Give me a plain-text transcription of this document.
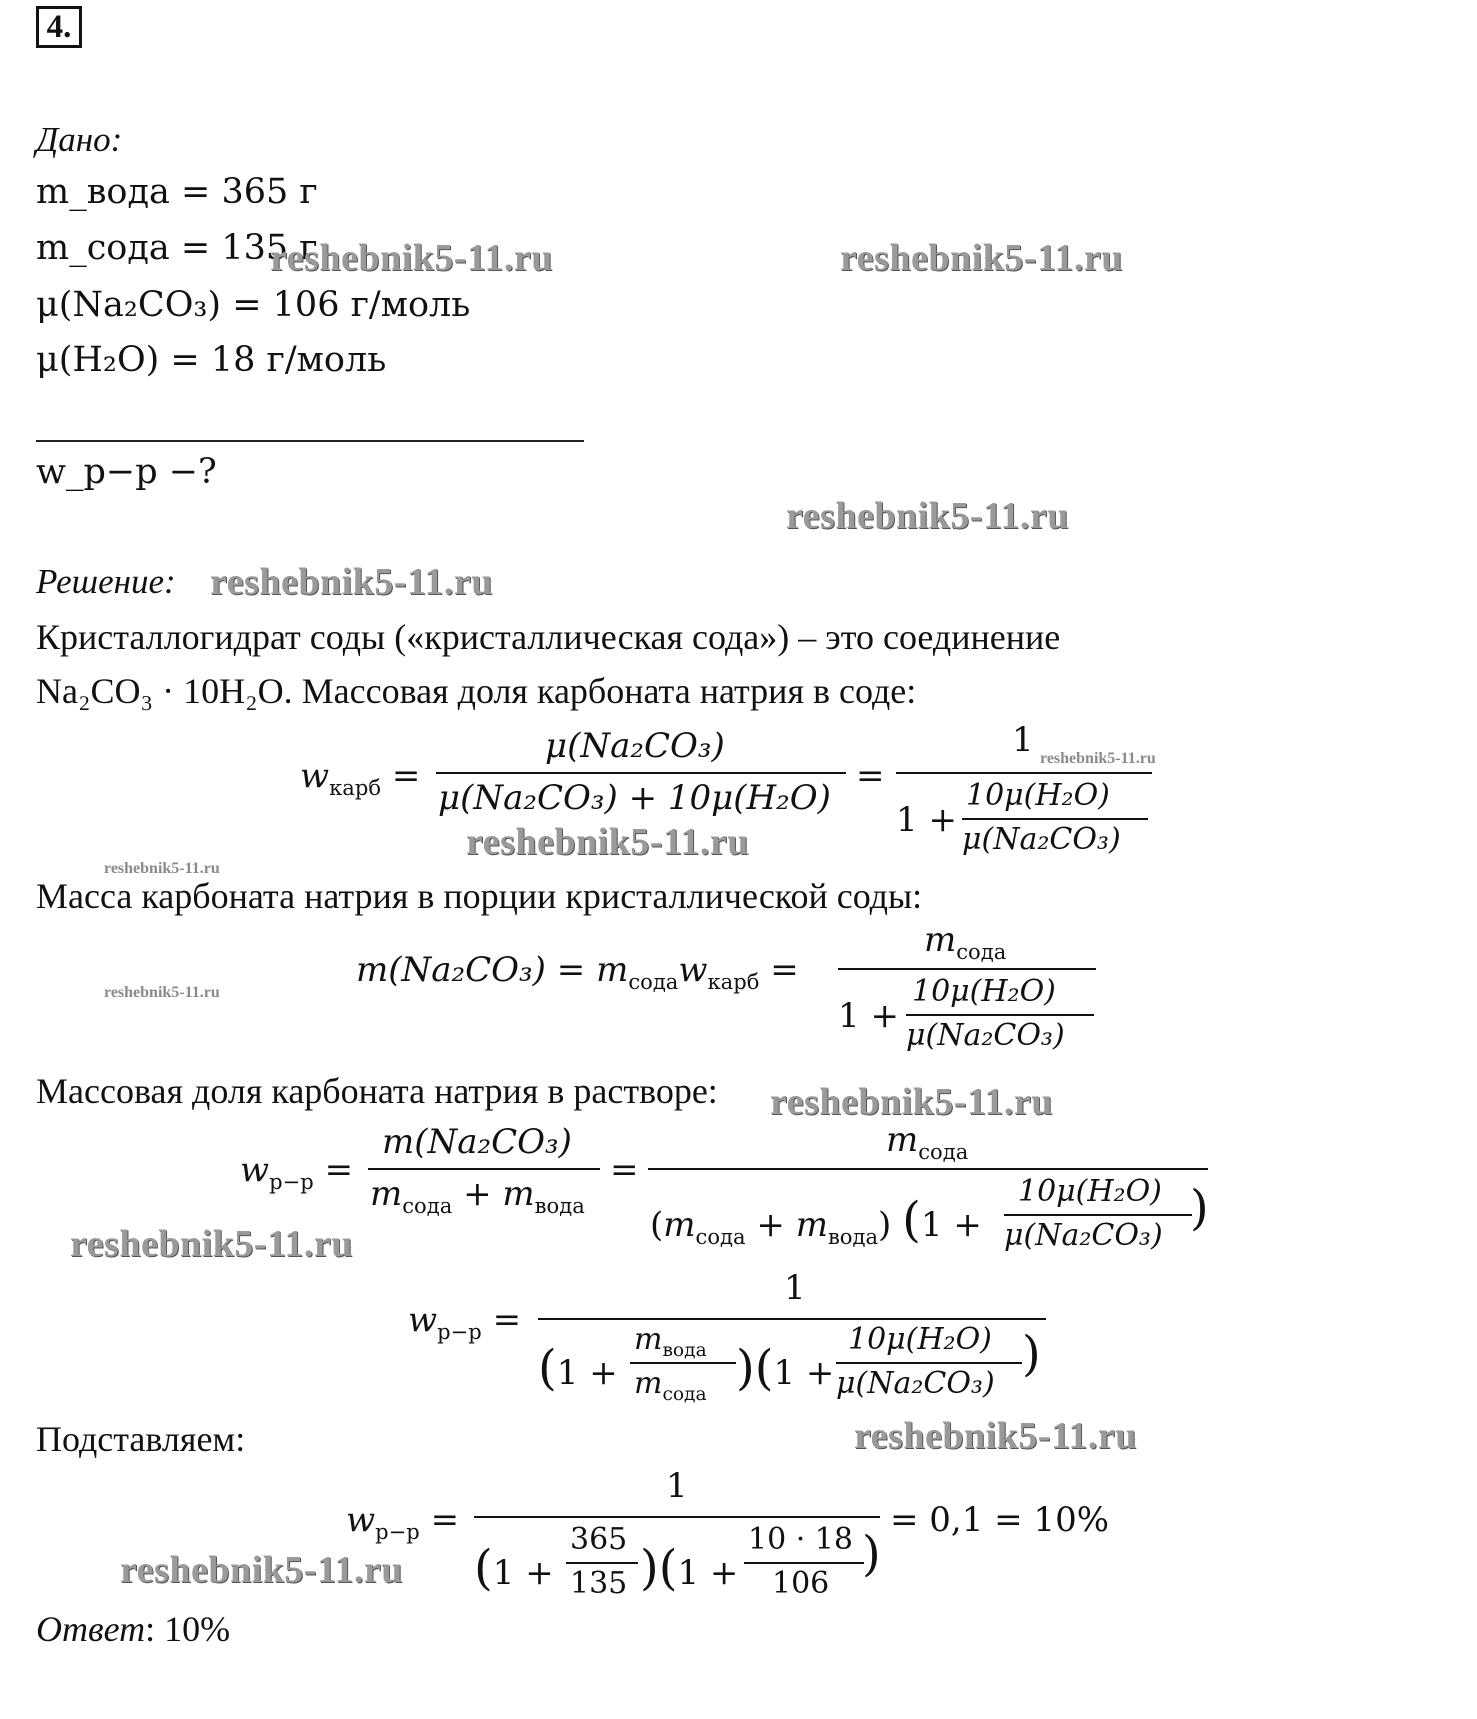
4.
Дано:
m_вода = 365 г
m_сода = 135 г
μ(Na₂CO₃) = 106 г/моль
μ(H₂O) = 18 г/моль
w_р−р −?
Решение:
Кристаллогидрат соды («кристаллическая сода») – это соединение
Na₂CO₃ · 10H₂O. Массовая доля карбоната натрия в соде:
$w_{карб}$ =
μ(Na₂CO₃)
μ(Na₂CO₃) + 10μ(H₂O)
=
1
1 +
10μ(H₂O)
μ(Na₂CO₃)
Масса карбоната натрия в порции кристаллической соды:
$m(Na_2CO_3) = m_{сода}w_{карб}$ =
$m_{сода}$
1 +
10μ(H₂O)
μ(Na₂CO₃)
Массовая доля карбоната натрия в растворе:
$w_{р-р}$ =
m(Na₂CO₃)
$m_{сода} + m_{вода}$
=
$m_{сода}$
$(m_{сода} + m_{вода}) (1$ +
10μ(H₂O)
μ(Na₂CO₃) )
$w_{р-р}$ =
1
(1 +
$m_{вода}$
$m_{сода}$ )(1 +
10μ(H₂O)
μ(Na₂CO₃)
)
Подставляем:
$w_{р-р}$ =
1
(1 +
365
135 )(1 +
10 · 18
106
)
= 0,1 = 10%
Ответ: 10%
reshebnik5-11.ru	reshebnik5-11.ru
reshebnik5-11.ru
reshebnik5-11.ru
reshebnik5-11.ru
reshebnik5-11.ru
reshebnik5-11.ru
reshebnik5-11.ru
reshebnik5-11.ru
reshebnik5-11.ru
reshebnik5-11.ru
reshebnik5-11.ru
